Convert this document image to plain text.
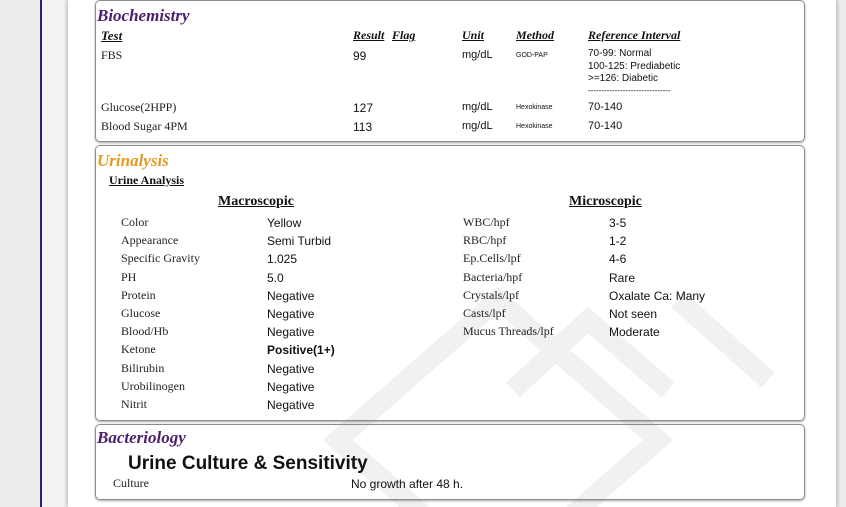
Biochemistry
Test	Result Flag	Unit	Method	Reference Interval
FBS	99	mg/dL	GOD-PAP	70-99: Normal
100-125: Prediabetic
>=126: Diabetic
-------------------------------
Glucose(2HPP)	127	mg/dL	Hexokinase	70-140
Blood Sugar 4PM	113	mg/dL	Hexokinase	70-140
Urinalysis
Urine Analysis
Macroscopic	Microscopic
Color	Yellow
Appearance	Semi Turbid
Specific Gravity	1.025
PH	5.0
Protein	Negative
Glucose	Negative
Blood/Hb	Negative
Ketone	Positive(1+)
Bilirubin	Negative
Urobilinogen	Negative
Nitrit	Negative
WBC/hpf	3-5
RBC/hpf	1-2
Ep.Cells/lpf	4-6
Bacteria/hpf	Rare
Crystals/lpf	Oxalate Ca: Many
Casts/lpf	Not seen
Mucus Threads/lpf	Moderate
Bacteriology
Urine Culture & Sensitivity
Culture	No growth after 48 h.
